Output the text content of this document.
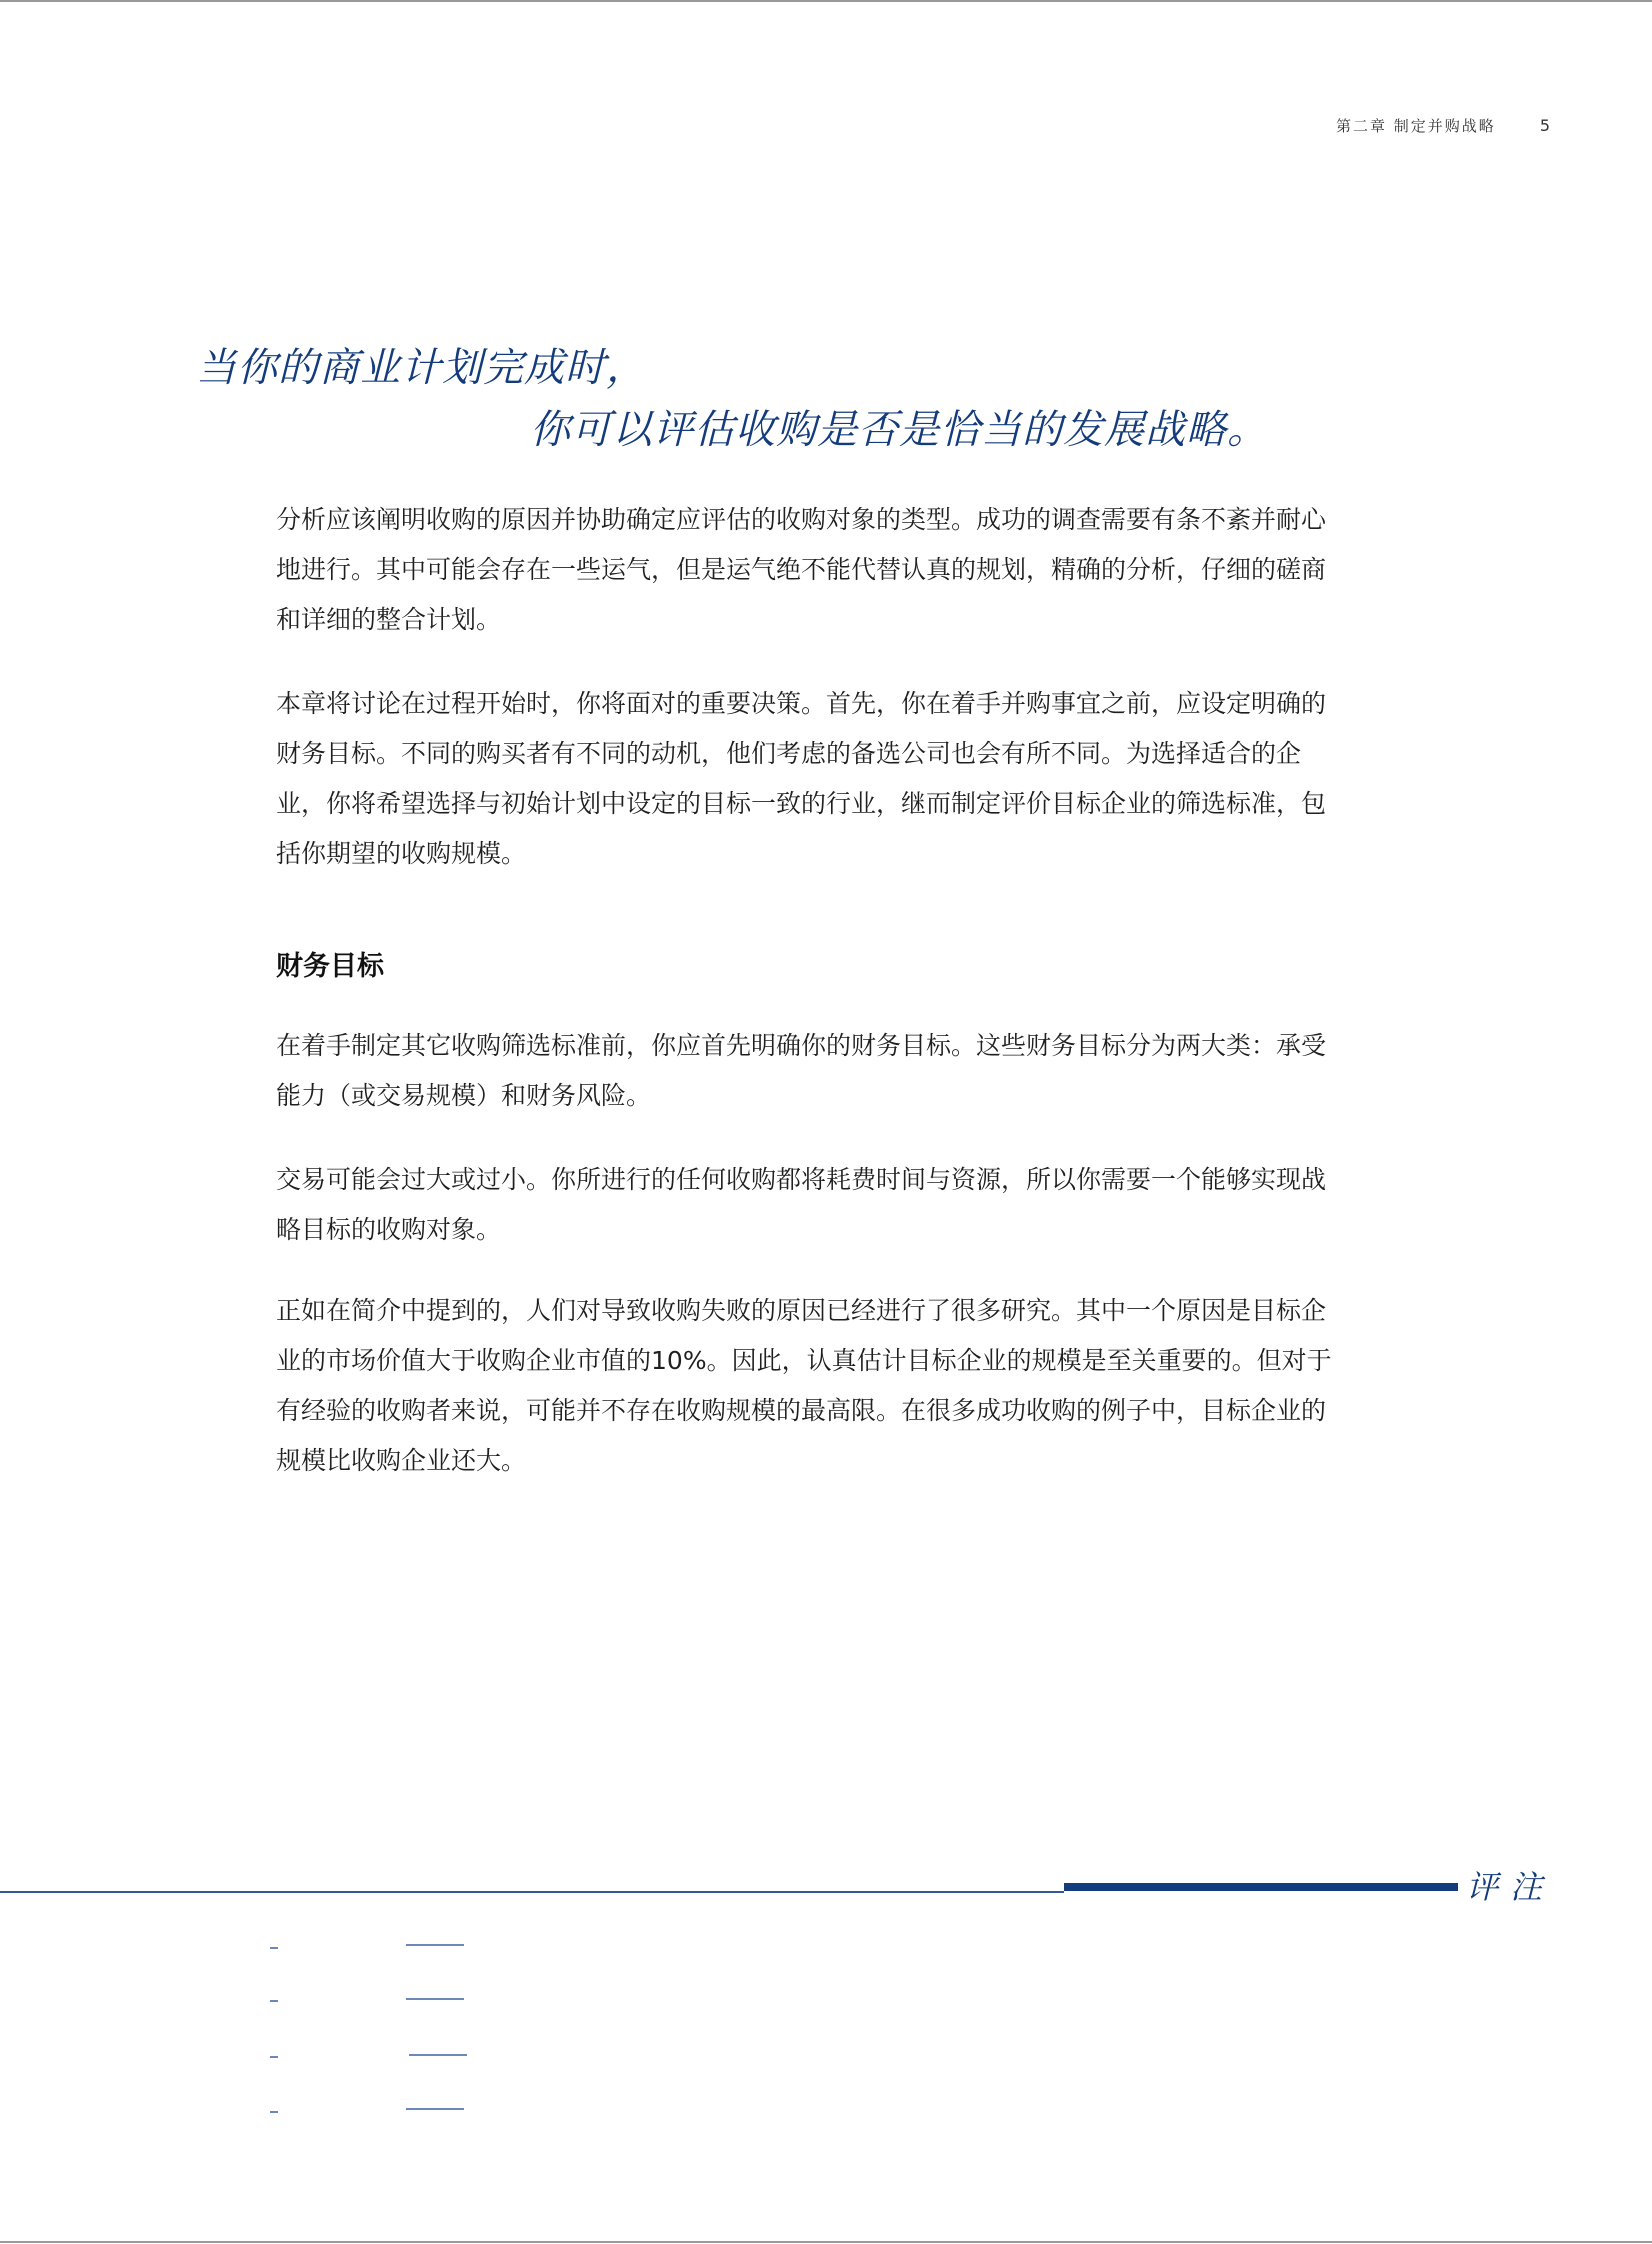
第二章 制定并购战略	5
当你的商业计划完成时，
你可以评估收购是否是恰当的发展战略。

分析应该阐明收购的原因并协助确定应评估的收购对象的类型。成功的调查需要有条不紊并耐心地进行。其中可能会存在一些运气，但是运气绝不能代替认真的规划，精确的分析，仔细的磋商和详细的整合计划。

本章将讨论在过程开始时，你将面对的重要决策。首先，你在着手并购事宜之前，应设定明确的财务目标。不同的购买者有不同的动机，他们考虑的备选公司也会有所不同。为选择适合的企业，你将希望选择与初始计划中设定的目标一致的行业，继而制定评价目标企业的筛选标准，包括你期望的收购规模。

财务目标

在着手制定其它收购筛选标准前，你应首先明确你的财务目标。这些财务目标分为两大类：承受能力（或交易规模）和财务风险。

交易可能会过大或过小。你所进行的任何收购都将耗费时间与资源，所以你需要一个能够实现战略目标的收购对象。

正如在简介中提到的，人们对导致收购失败的原因已经进行了很多研究。其中一个原因是目标企业的市场价值大于收购企业市值的10%。因此，认真估计目标企业的规模是至关重要的。但对于有经验的收购者来说，可能并不存在收购规模的最高限。在很多成功收购的例子中，目标企业的规模比收购企业还大。

评注
